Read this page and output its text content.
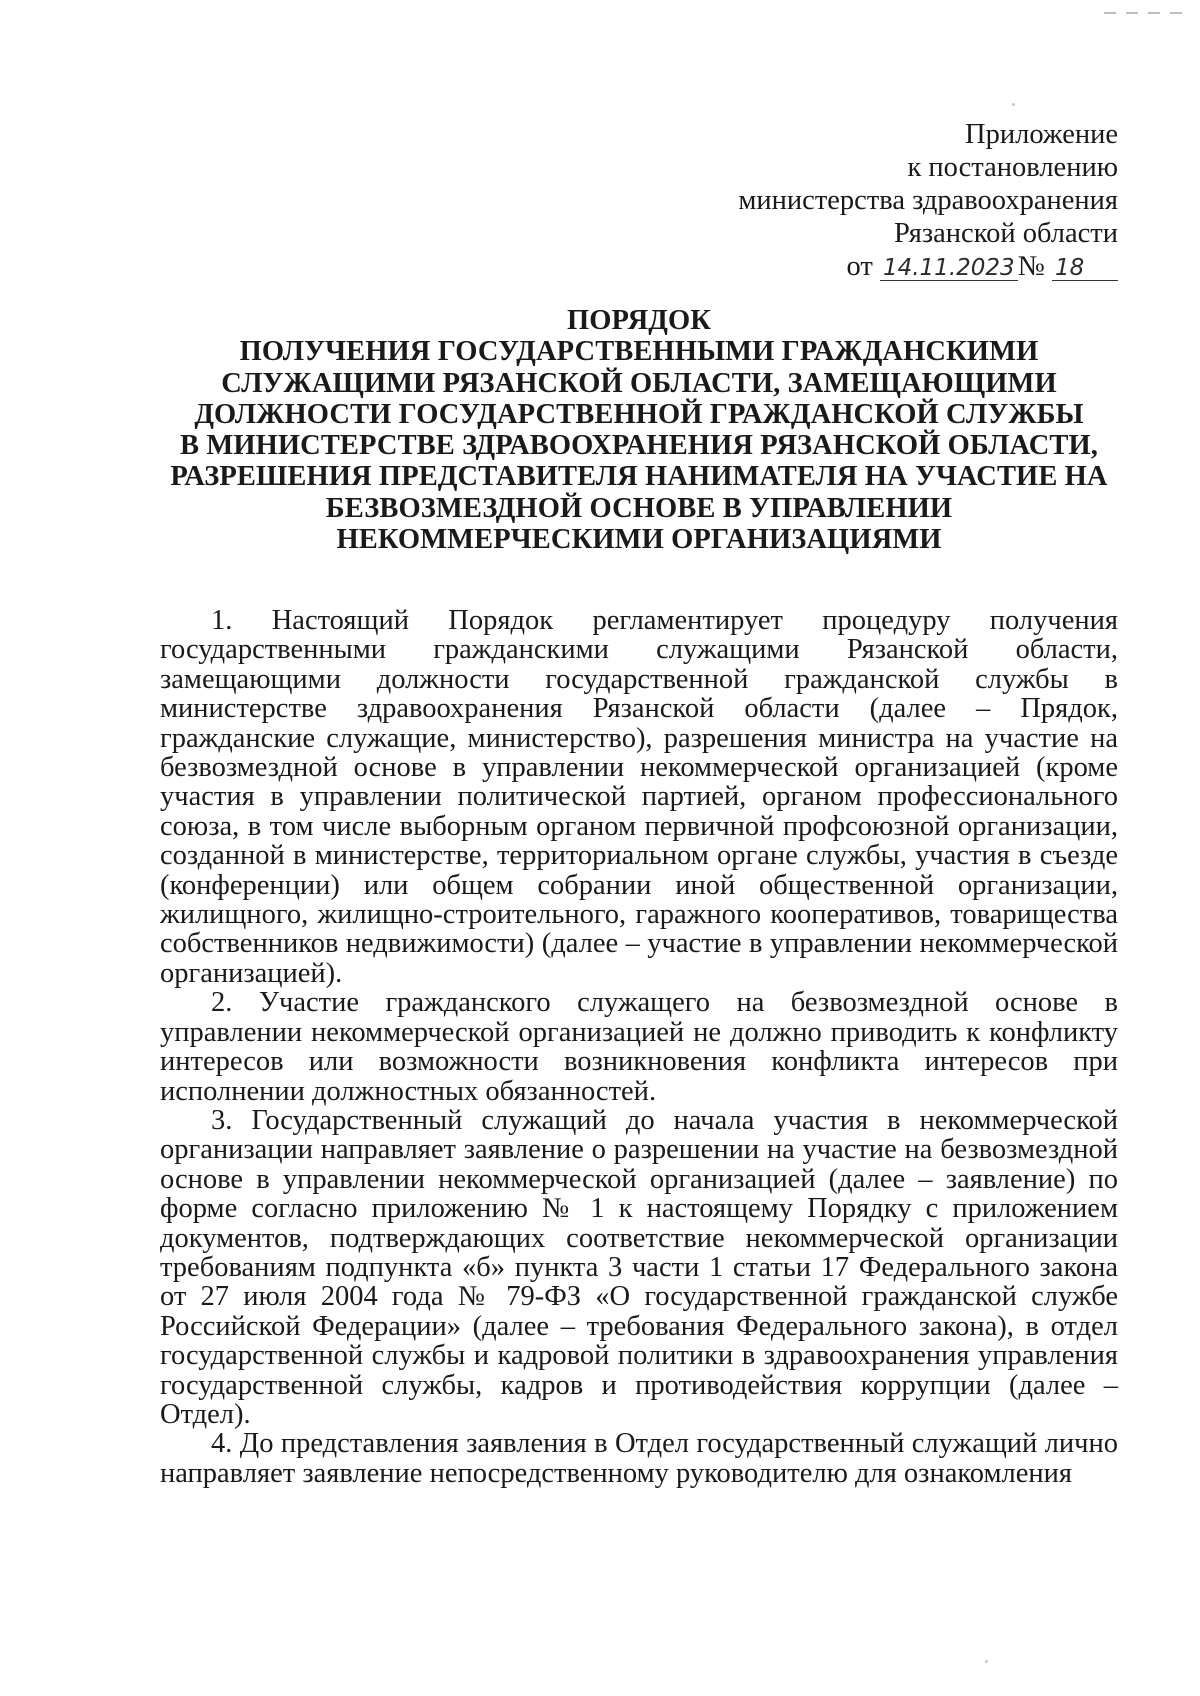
Приложение
к постановлению
министерства здравоохранения
Рязанской области
от 14.11.2023 № 18
ПОРЯДОК
ПОЛУЧЕНИЯ ГОСУДАРСТВЕННЫМИ ГРАЖДАНСКИМИ
СЛУЖАЩИМИ РЯЗАНСКОЙ ОБЛАСТИ, ЗАМЕЩАЮЩИМИ
ДОЛЖНОСТИ ГОСУДАРСТВЕННОЙ ГРАЖДАНСКОЙ СЛУЖБЫ
В МИНИСТЕРСТВЕ ЗДРАВООХРАНЕНИЯ РЯЗАНСКОЙ ОБЛАСТИ,
РАЗРЕШЕНИЯ ПРЕДСТАВИТЕЛЯ НАНИМАТЕЛЯ НА УЧАСТИЕ НА
БЕЗВОЗМЕЗДНОЙ ОСНОВЕ В УПРАВЛЕНИИ
НЕКОММЕРЧЕСКИМИ ОРГАНИЗАЦИЯМИ

1. Настоящий Порядок регламентирует процедуру получения государственными гражданскими служащими Рязанской области, замещающими должности государственной гражданской службы в министерстве здравоохранения Рязанской области (далее – Прядок, гражданские служащие, министерство), разрешения министра на участие на безвозмездной основе в управлении некоммерческой организацией (кроме участия в управлении политической партией, органом профессионального союза, в том числе выборным органом первичной профсоюзной организации, созданной в министерстве, территориальном органе службы, участия в съезде (конференции) или общем собрании иной общественной организации, жилищного, жилищно-строительного, гаражного кооперативов, товарищества собственников недвижимости) (далее – участие в управлении некоммерческой организацией).

2. Участие гражданского служащего на безвозмездной основе в управлении некоммерческой организацией не должно приводить к конфликту интересов или возможности возникновения конфликта интересов при исполнении должностных обязанностей.

3. Государственный служащий до начала участия в некоммерческой организации направляет заявление о разрешении на участие на безвозмездной основе в управлении некоммерческой организацией (далее – заявление) по форме согласно приложению № 1 к настоящему Порядку с приложением документов, подтверждающих соответствие некоммерческой организации требованиям подпункта «б» пункта 3 части 1 статьи 17 Федерального закона от 27 июля 2004 года № 79-ФЗ «О государственной гражданской службе Российской Федерации» (далее – требования Федерального закона), в отдел государственной службы и кадровой политики в здравоохранения управления государственной службы, кадров и противодействия коррупции (далее – Отдел).

4. До представления заявления в Отдел государственный служащий лично направляет заявление непосредственному руководителю для ознакомления
